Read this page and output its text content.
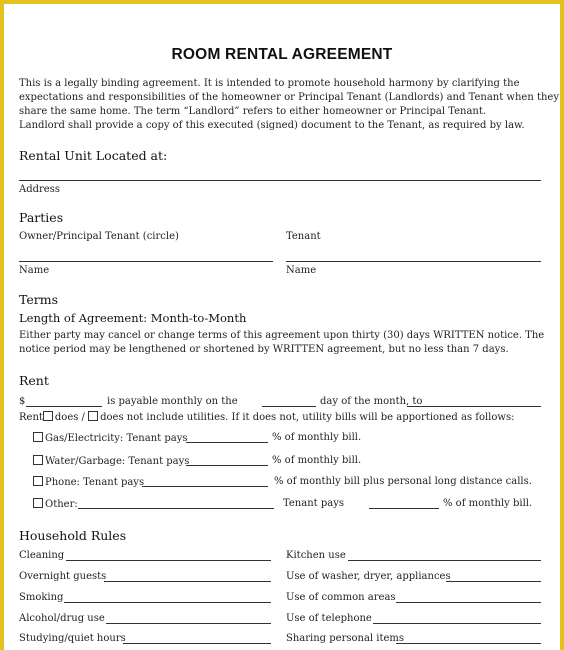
ROOM RENTAL AGREEMENT
This is a legally binding agreement. It is intended to promote household harmony by clarifying the
expectations and responsibilities of the homeowner or Principal Tenant (Landlords) and Tenant when they
share the same home. The term “Landlord” refers to either homeowner or Principal Tenant.
Landlord shall provide a copy of this executed (signed) document to the Tenant, as required by law.
Rental Unit Located at:
Address
Parties
Owner/Principal Tenant (circle)	Tenant
Name	Name
Terms
Length of Agreement: Month-to-Month
Either party may cancel or change terms of this agreement upon thirty (30) days WRITTEN notice. The
notice period may be lengthened or shortened by WRITTEN agreement, but no less than 7 days.
Rent
$	is payable monthly on the	day of the month, to
Rent does / does not include utilities. If it does not, utility bills will be apportioned as follows:
Gas/Electricity: Tenant pays	% of monthly bill.
Water/Garbage: Tenant pays	% of monthly bill.
Phone: Tenant pays	% of monthly bill plus personal long distance calls.
Other:	Tenant pays	% of monthly bill.
Household Rules
Cleaning	Kitchen use
Overnight guests	Use of washer, dryer, appliances
Smoking	Use of common areas
Alcohol/drug use	Use of telephone
Studying/quiet hours	Sharing personal items
